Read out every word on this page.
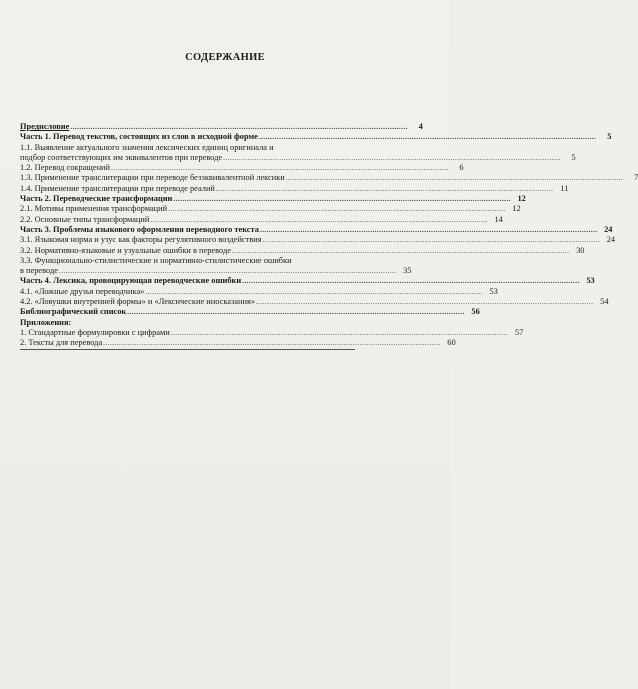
СОДЕРЖАНИЕ
Предисловие .....	4
Часть 1. Перевод текстов, состоящих из слов в исходной форме .....	5
1.1. Выявление актуального значения лексических единиц оригинала и
подбор соответствующих им эквивалентов при переводе .....	5
1.2. Перевод сокращений .....	6
1.3. Применение транслитерации при переводе безэквивалентной лексики .....	7
1.4. Применение транслитерации при переводе реалий .....	11
Часть 2. Переводческие трансформации .....	12
2.1. Мотивы применения трансформаций .....	12
2.2. Основные типы трансформаций .....	14
Часть 3. Проблемы языкового оформления переводного текста .....	24
3.1. Языковая норма и узус как факторы регулятивного воздействия .....	24
3.2. Нормативно-языковые и узуальные ошибки в переводе .....	30
3.3. Функционально-стилистические и нормативно-стилистические ошибки
в переводе .....	35
Часть 4. Лексика, провоцирующая переводческие ошибки .....	53
4.1. «Ложные друзья переводчика» .....	53
4.2. «Ловушки внутренней формы» и «Лексические иносказания» .....	54
Библиографический список .....	56
Приложения:
1. Стандартные формулировки с цифрами .....	57
2. Тексты для перевода .....	60
